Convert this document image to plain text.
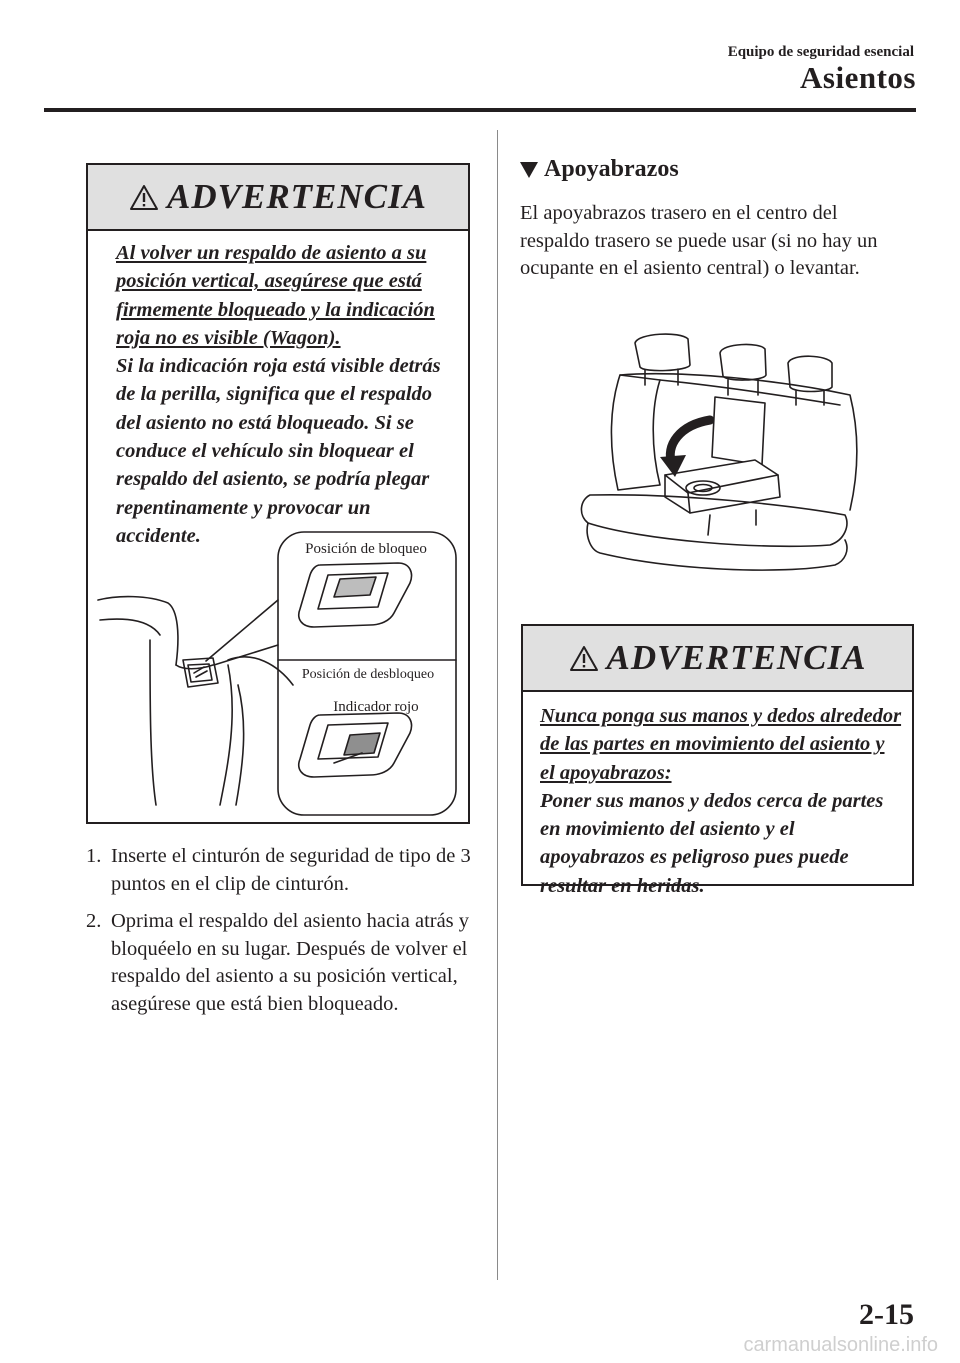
Equipo de seguridad esencial
Asientos
ADVERTENCIA
Al volver un respaldo de asiento a su posición vertical, asegúrese que está firmemente bloqueado y la indicación roja no es visible (Wagon).
Si la indicación roja está visible detrás de la perilla, significa que el respaldo del asiento no está bloqueado. Si se conduce el vehículo sin bloquear el respaldo del asiento, se podría plegar repentinamente y provocar un accidente.
Posición de bloqueo
Posición de desbloqueo
Indicador rojo
1. Inserte el cinturón de seguridad de tipo de 3 puntos en el clip de cinturón.
2. Oprima el respaldo del asiento hacia atrás y bloquéelo en su lugar. Después de volver el respaldo del asiento a su posición vertical, asegúrese que está bien bloqueado.
Apoyabrazos
El apoyabrazos trasero en el centro del respaldo trasero se puede usar (si no hay un ocupante en el asiento central) o levantar.
ADVERTENCIA
Nunca ponga sus manos y dedos alrededor de las partes en movimiento del asiento y el apoyabrazos:
Poner sus manos y dedos cerca de partes en movimiento del asiento y el apoyabrazos es peligroso pues puede resultar en heridas.
2-15
carmanualsonline.info
